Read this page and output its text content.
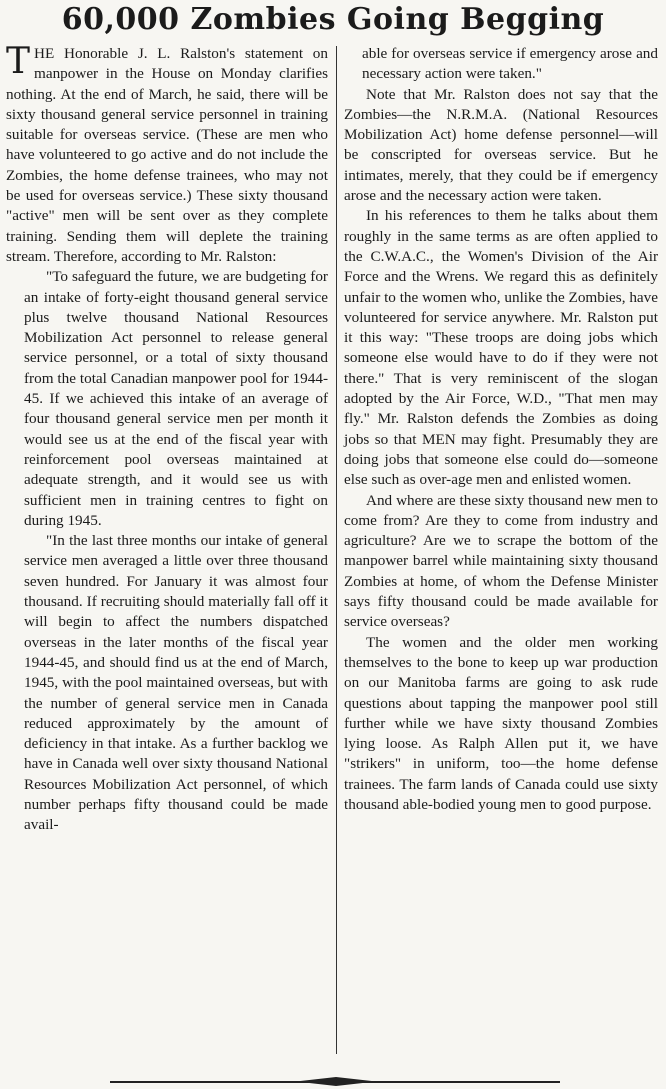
60,000 Zombies Going Begging

THE Honorable J. L. Ralston's statement on manpower in the House on Monday clarifies nothing. At the end of March, he said, there will be sixty thousand general service personnel in training suitable for overseas service. (These are men who have volunteered to go active and do not include the Zombies, the home defense trainees, who may not be used for overseas service.) These sixty thousand "active" men will be sent over as they complete training. Sending them will deplete the training stream. Therefore, according to Mr. Ralston:

"To safeguard the future, we are budgeting for an intake of forty-eight thousand general service plus twelve thousand National Resources Mobilization Act personnel to release general service personnel, or a total of sixty thousand from the total Canadian manpower pool for 1944-45. If we achieved this intake of an average of four thousand general service men per month it would see us at the end of the fiscal year with reinforcement pool overseas maintained at adequate strength, and it would see us with sufficient men in training centres to fight on during 1945.

"In the last three months our intake of general service men averaged a little over three thousand seven hundred. For January it was almost four thousand. If recruiting should materially fall off it will begin to affect the numbers dispatched overseas in the later months of the fiscal year 1944-45, and should find us at the end of March, 1945, with the pool maintained overseas, but with the number of general service men in Canada reduced approximately by the amount of deficiency in that intake. As a further backlog we have in Canada well over sixty thousand National Resources Mobilization Act personnel, of which number perhaps fifty thousand could be made avail-

able for overseas service if emergency arose and necessary action were taken."

Note that Mr. Ralston does not say that the Zombies—the N.R.M.A. (National Resources Mobilization Act) home defense personnel—will be conscripted for overseas service. But he intimates, merely, that they could be if emergency arose and the necessary action were taken.

In his references to them he talks about them roughly in the same terms as are often applied to the C.W.A.C., the Women's Division of the Air Force and the Wrens. We regard this as definitely unfair to the women who, unlike the Zombies, have volunteered for service anywhere. Mr. Ralston put it this way: "These troops are doing jobs which someone else would have to do if they were not there." That is very reminiscent of the slogan adopted by the Air Force, W.D., "That men may fly." Mr. Ralston defends the Zombies as doing jobs so that MEN may fight. Presumably they are doing jobs that someone else could do—someone else such as over-age men and enlisted women.

And where are these sixty thousand new men to come from? Are they to come from industry and agriculture? Are we to scrape the bottom of the manpower barrel while maintaining sixty thousand Zombies at home, of whom the Defense Minister says fifty thousand could be made available for service overseas?

The women and the older men working themselves to the bone to keep up war production on our Manitoba farms are going to ask rude questions about tapping the manpower pool still further while we have sixty thousand Zombies lying loose. As Ralph Allen put it, we have "strikers" in uniform, too—the home defense trainees. The farm lands of Canada could use sixty thousand able-bodied young men to good purpose.
